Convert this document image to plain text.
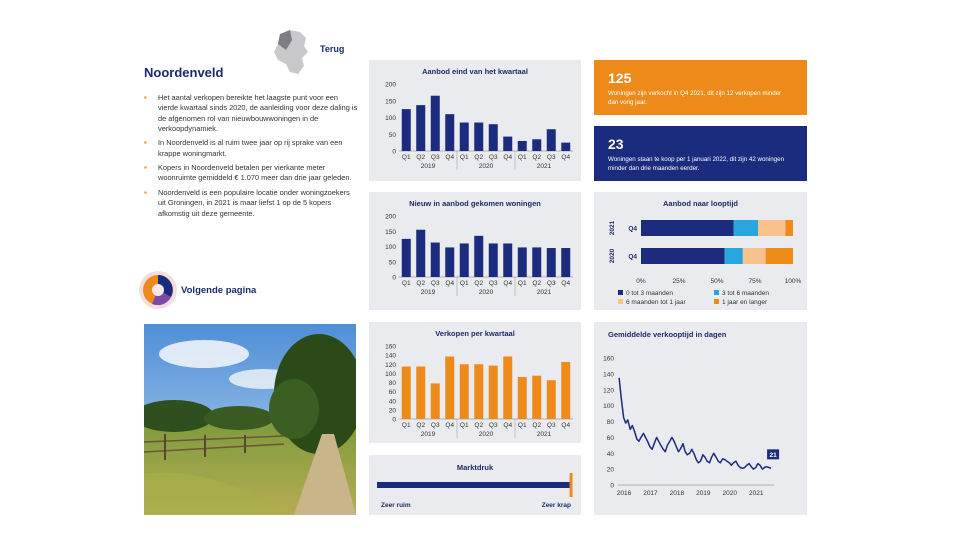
Terug
Noordenveld
▪ Het aantal verkopen bereikte het laagste punt voor een vierde kwartaal sinds 2020, de aanleiding voor deze daling is de afgenomen rol van nieuwbouwwoningen in de verkoopdynamiek.
▪ In Noordenveld is al ruim twee jaar op rij sprake van een krappe woningmarkt.
▪ Kopers in Noordenveld betalen per vierkante meter woonruimte gemiddeld € 1.070 meer dan drie jaar geleden.
▪ Noordenveld is een populaire locatie onder woningzoekers uit Groningen, in 2021 is maar liefst 1 op de 5 kopers afkomstig uit deze gemeente.
Volgende pagina
Aanbod eind van het kwartaal
0
50
100
150
200
Q1 Q2 Q3 Q4 Q1 Q2 Q3 Q4 Q1 Q2 Q3 Q4
2019	2020	2021
Nieuw in aanbod gekomen woningen
0
50
100
150
200
Q1 Q2 Q3 Q4 Q1 Q2 Q3 Q4 Q1 Q2 Q3 Q4
2019	2020	2021
Verkopen per kwartaal
0
20
40
60
80
100
120
140
160
Q1 Q2 Q3 Q4 Q1 Q2 Q3 Q4 Q1 Q2 Q3 Q4
2019	2020	2021
Marktdruk
Zeer ruim	Zeer krap
125
Woningen zijn verkocht in Q4 2021, dit zijn 12 verkopen minder dan vorig jaar.
23
Woningen staan te koop per 1 januari 2022, dit zijn 42 woningen minder dan drie maanden eerder.
Aanbod naar looptijd
Q4
2021
Q4
2020
0%	25%	50%	75%	100%
0 tot 3 maanden	3 tot 6 maanden
6 maanden tot 1 jaar	1 jaar en langer
Gemiddelde verkooptijd in dagen
0
20
40
60
80
100
120
140
160
2016 2017 2018 2019 2020 2021
21
